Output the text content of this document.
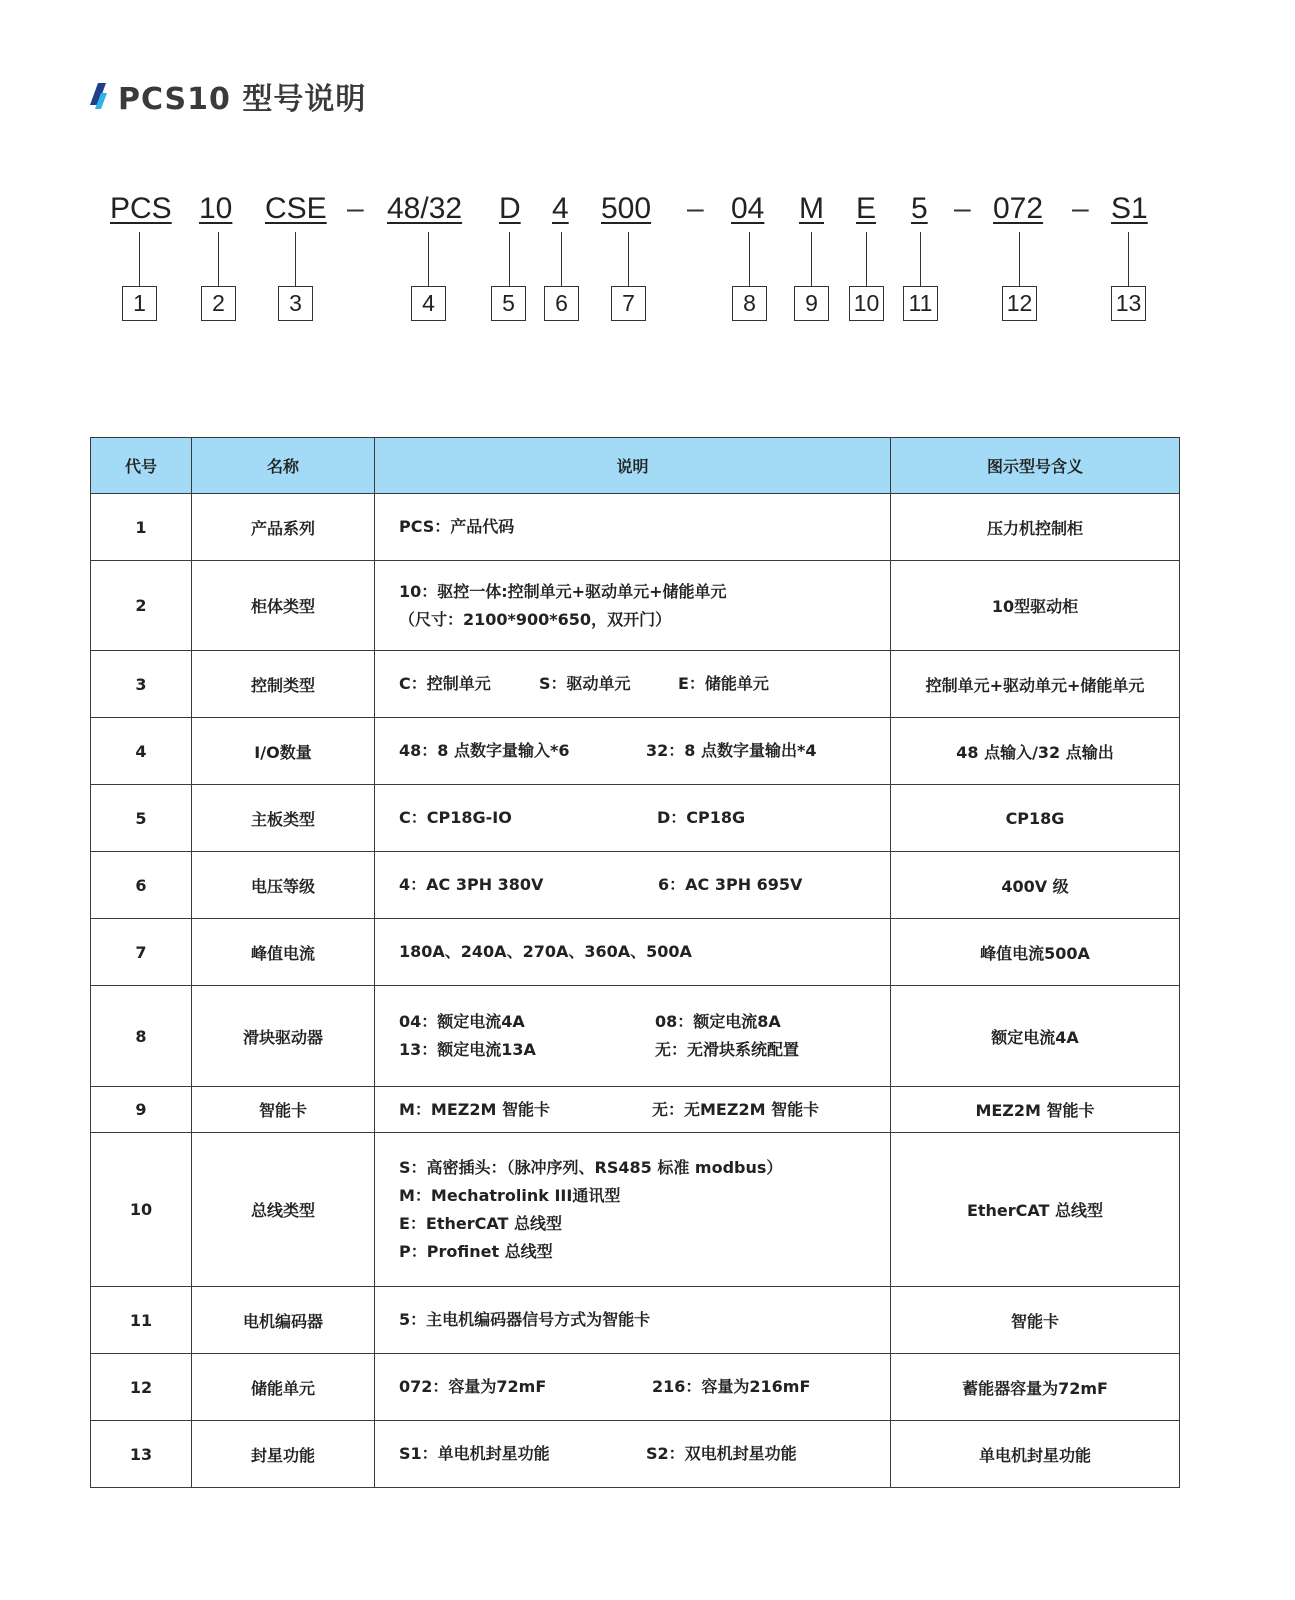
PCS10 型号说明
PCS 10 CSE – 48/32 D 4 500 – 04 M E 5 – 072 – S1
1	2	3	4	5	6	7	8	9	10 11	12	13
代号	名称	说明	图示型号含义
1	产品系列	PCS：产品代码	压力机控制柜
2	柜体类型	10：驱控一体:控制单元+驱动单元+储能单元
（尺寸：2100*900*650，双开门）	10型驱动柜
3	控制类型	C：控制单元 S：驱动单元 E：储能单元	控制单元+驱动单元+储能单元
4	I/O数量	48：8 点数字量输入*6 32：8 点数字量输出*4	48 点输入/32 点输出
5	主板类型	C：CP18G-IO D：CP18G	CP18G
6	电压等级	4：AC 3PH 380V 6：AC 3PH 695V	400V 级
7	峰值电流	180A、240A、270A、360A、500A	峰值电流500A
8	滑块驱动器	04：额定电流4A 08：额定电流8A
13：额定电流13A 无：无滑块系统配置	额定电流4A
9	智能卡	M：MEZ2M 智能卡 无：无MEZ2M 智能卡	MEZ2M 智能卡
10	总线类型	S：高密插头：（脉冲序列、RS485 标准 modbus）
M：Mechatrolink III通讯型
E：EtherCAT 总线型
P：Profinet 总线型	EtherCAT 总线型
11	电机编码器	5：主电机编码器信号方式为智能卡	智能卡
12	储能单元	072：容量为72mF 216：容量为216mF	蓄能器容量为72mF
13	封星功能	S1：单电机封星功能 S2：双电机封星功能	单电机封星功能
